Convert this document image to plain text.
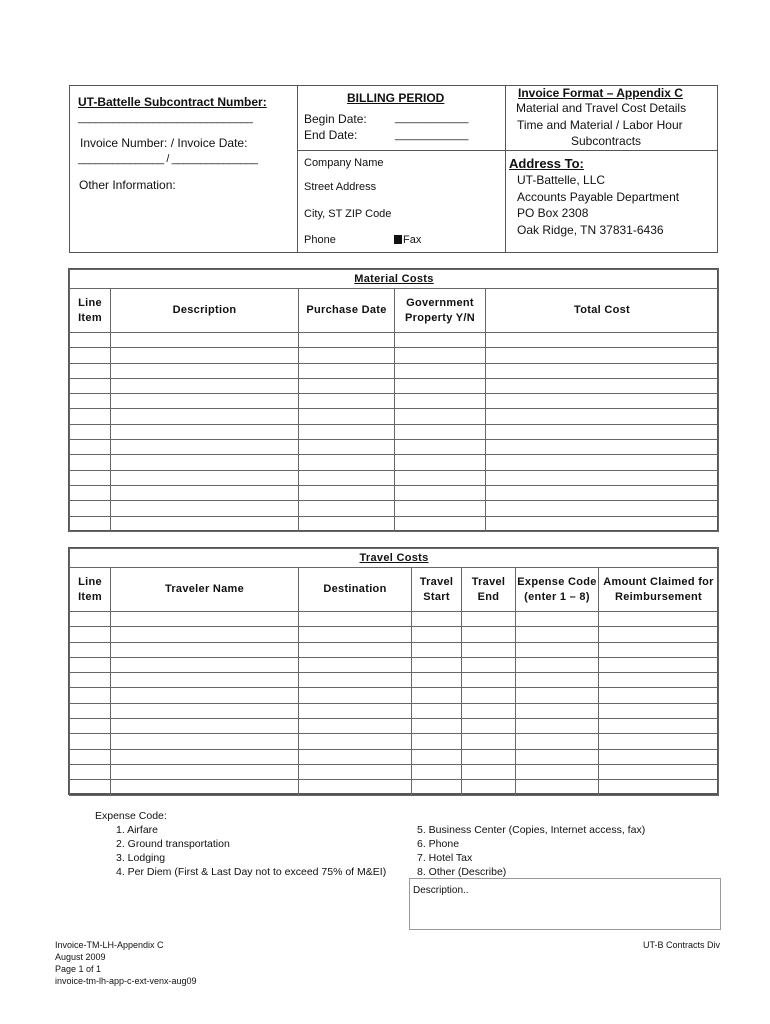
UT-Battelle Subcontract Number:
______________________________
Invoice Number: / Invoice Date:
_______________ / _______________
Other Information:
BILLING PERIOD
Begin Date:	____________
End Date:	____________
Company Name
Street Address
City, ST ZIP Code
Phone	Fax
Invoice Format – Appendix C
Material and Travel Cost Details
Time and Material / Labor Hour
Subcontracts
Address To:
UT-Battelle, LLC
Accounts Payable Department
PO Box 2308
Oak Ridge, TN 37831-6436
Material Costs				
Line Item	Description	Purchase Date	Government Property Y/N	Total Cost

Travel Costs						
Line Item	Traveler Name	Destination	Travel Start	Travel End	Expense Code (enter 1 – 8)	Amount Claimed for Reimbursement

Expense Code:
1. Airfare
2. Ground transportation
3. Lodging
4. Per Diem (First & Last Day not to exceed 75% of M&EI)
5. Business Center (Copies, Internet access, fax)
6. Phone
7. Hotel Tax
8. Other (Describe)
Description..
Invoice-TM-LH-Appendix C
August 2009
Page 1 of 1
invoice-tm-lh-app-c-ext-venx-aug09
UT-B Contracts Div
